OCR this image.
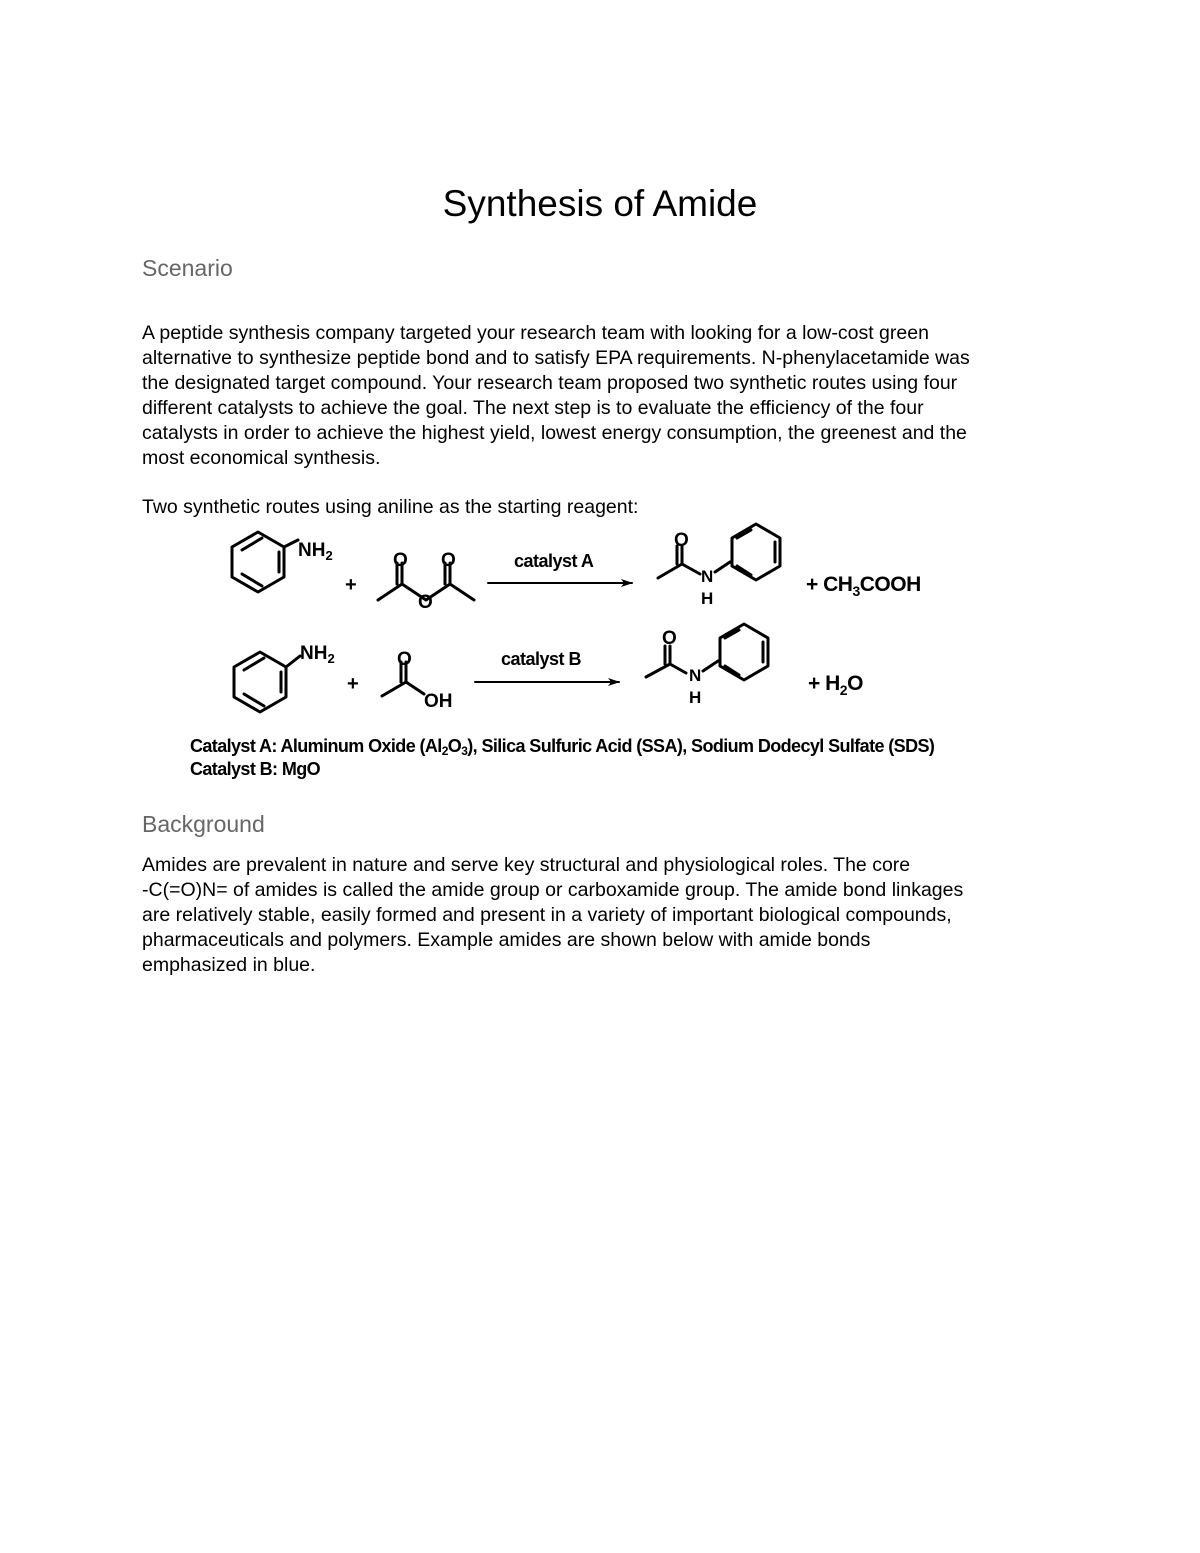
Synthesis of Amide
Scenario

A peptide synthesis company targeted your research team with looking for a low-cost green
alternative to synthesize peptide bond and to satisfy EPA requirements. N-phenylacetamide was
the designated target compound. Your research team proposed two synthetic routes using four
different catalysts to achieve the goal. The next step is to evaluate the efficiency of the four
catalysts in order to achieve the highest yield, lowest energy consumption, the greenest and the
most economical synthesis.

Two synthetic routes using aniline as the starting reagent:

$NH_2$
+
O O
O
catalyst A
O
N
H
+ $CH_3COOH$
$NH_2$
+
O
OH
catalyst B
O
N
H
+ $H_2O$
Catalyst A: Aluminum Oxide $(Al_2O_3)$, Silica Sulfuric Acid (SSA), Sodium Dodecyl Sulfate (SDS)
Catalyst B: MgO
Background

Amides are prevalent in nature and serve key structural and physiological roles. The core
-C(=O)N= of amides is called the amide group or carboxamide group. The amide bond linkages
are relatively stable, easily formed and present in a variety of important biological compounds,
pharmaceuticals and polymers. Example amides are shown below with amide bonds
emphasized in blue.
